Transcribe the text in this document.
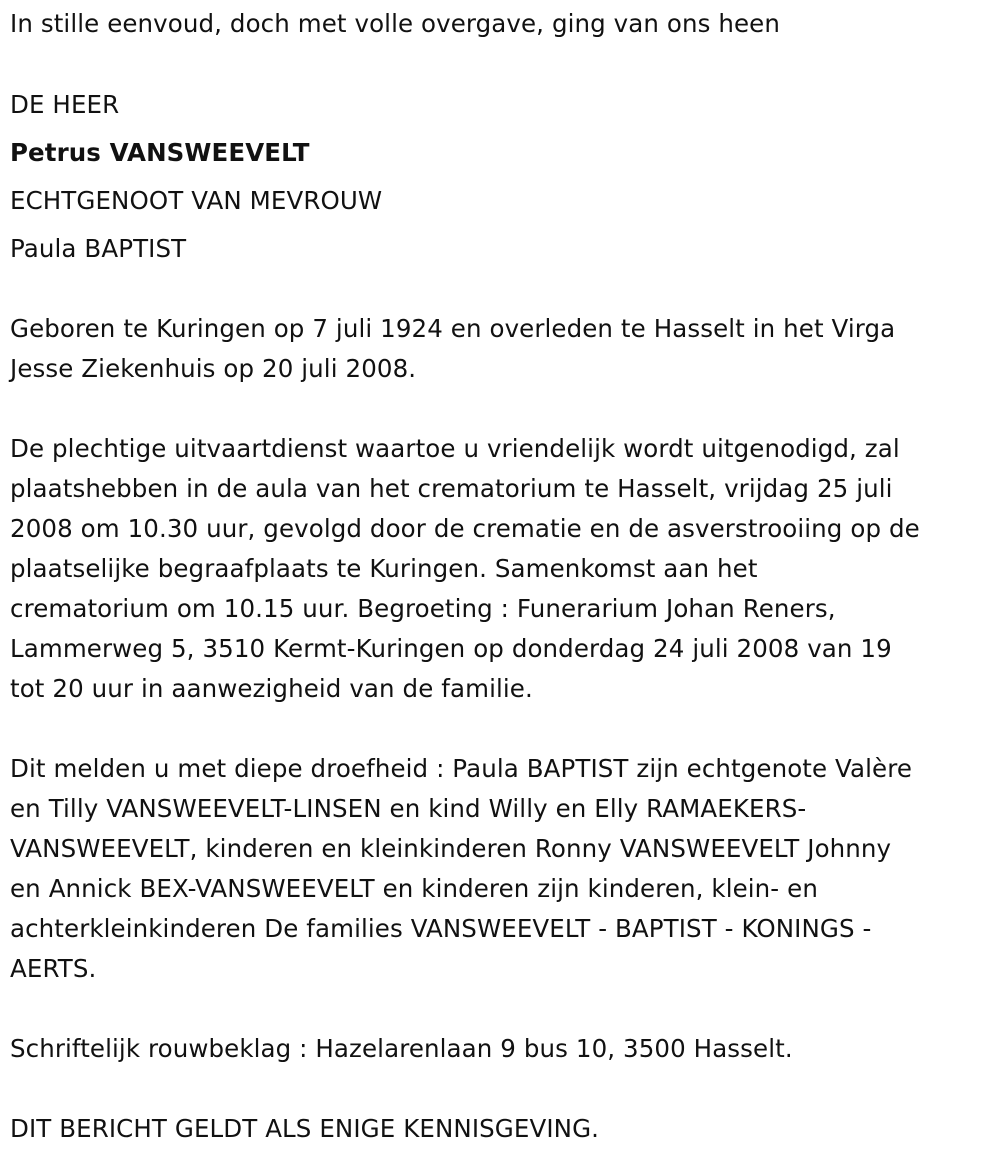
In stille eenvoud, doch met volle overgave, ging van ons heen
DE HEER
Petrus VANSWEEVELT
ECHTGENOOT VAN MEVROUW
Paula BAPTIST
Geboren te Kuringen op 7 juli 1924 en overleden te Hasselt in het Virga
Jesse Ziekenhuis op 20 juli 2008.
De plechtige uitvaartdienst waartoe u vriendelijk wordt uitgenodigd, zal
plaatshebben in de aula van het crematorium te Hasselt, vrijdag 25 juli
2008 om 10.30 uur, gevolgd door de crematie en de asverstrooiing op de
plaatselijke begraafplaats te Kuringen. Samenkomst aan het
crematorium om 10.15 uur. Begroeting : Funerarium Johan Reners,
Lammerweg 5, 3510 Kermt-Kuringen op donderdag 24 juli 2008 van 19
tot 20 uur in aanwezigheid van de familie.
Dit melden u met diepe droefheid : Paula BAPTIST zijn echtgenote Valère
en Tilly VANSWEEVELT-LINSEN en kind Willy en Elly RAMAEKERS-
VANSWEEVELT, kinderen en kleinkinderen Ronny VANSWEEVELT Johnny
en Annick BEX-VANSWEEVELT en kinderen zijn kinderen, klein- en
achterkleinkinderen De families VANSWEEVELT - BAPTIST - KONINGS -
AERTS.
Schriftelijk rouwbeklag : Hazelarenlaan 9 bus 10, 3500 Hasselt.
DIT BERICHT GELDT ALS ENIGE KENNISGEVING.
